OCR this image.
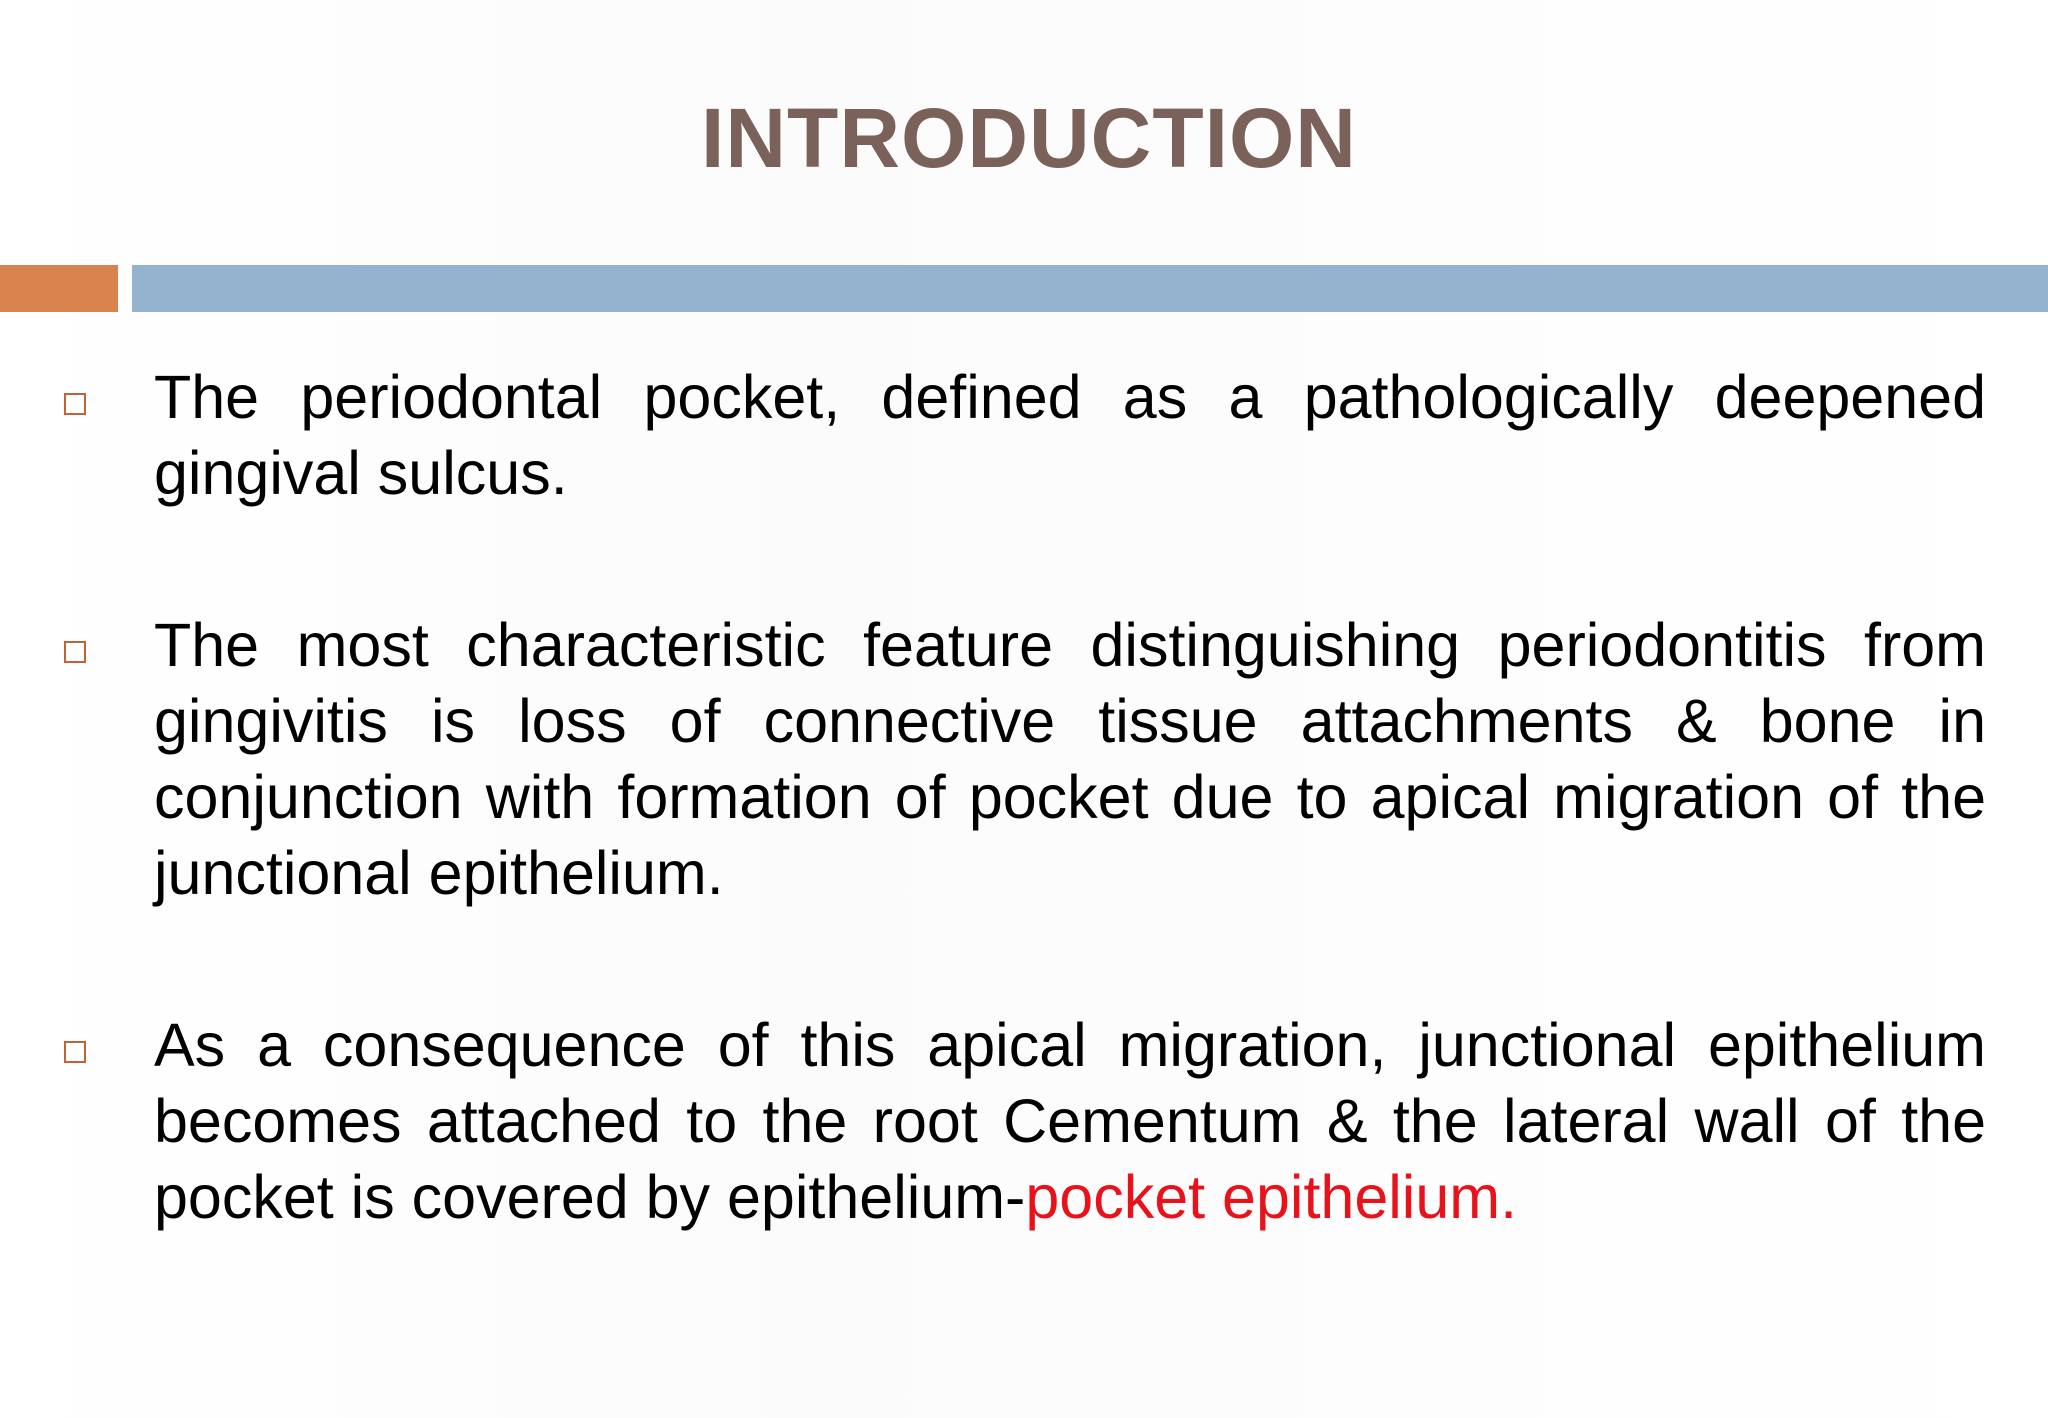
INTRODUCTION
The periodontal pocket, defined as a pathologically deepened gingival sulcus.
The most characteristic feature distinguishing periodontitis from gingivitis is loss of connective tissue attachments & bone in conjunction with formation of pocket due to apical migration of the junctional epithelium.
As a consequence of this apical migration, junctional epithelium becomes attached to the root Cementum & the lateral wall of the pocket is covered by epithelium-pocket epithelium.
